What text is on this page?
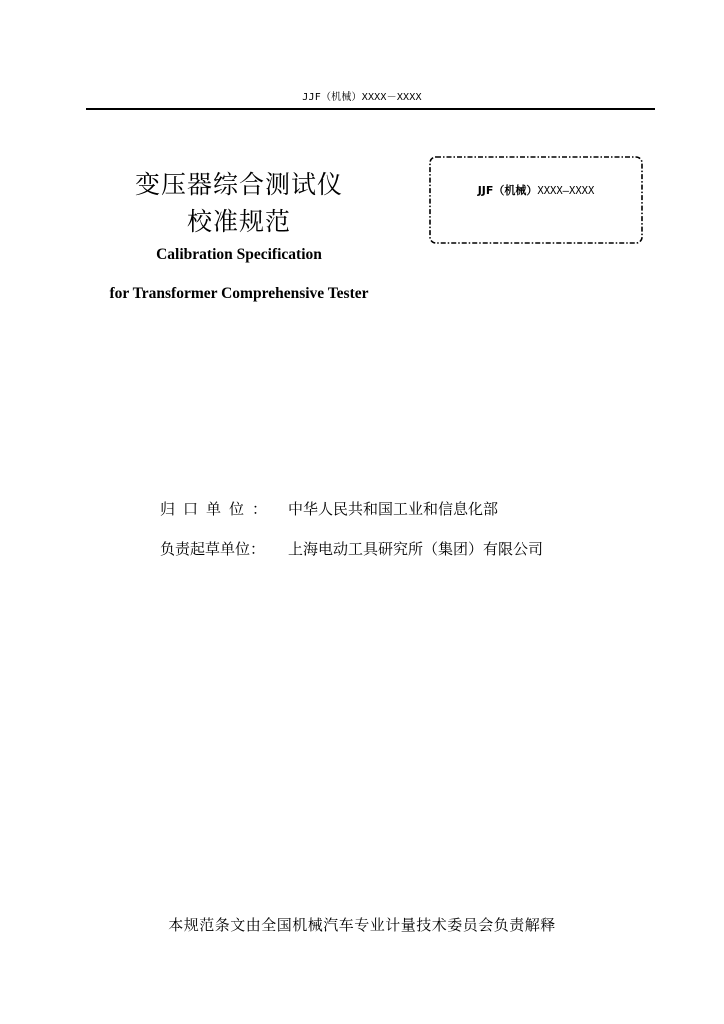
JJF（机械）XXXX－XXXX
变压器综合测试仪
校准规范
Calibration Specification
for Transformer Comprehensive Tester
JJF（机械）XXXX—XXXX
归口单位： 中华人民共和国工业和信息化部
负责起草单位： 上海电动工具研究所（集团）有限公司
本规范条文由全国机械汽车专业计量技术委员会负责解释
